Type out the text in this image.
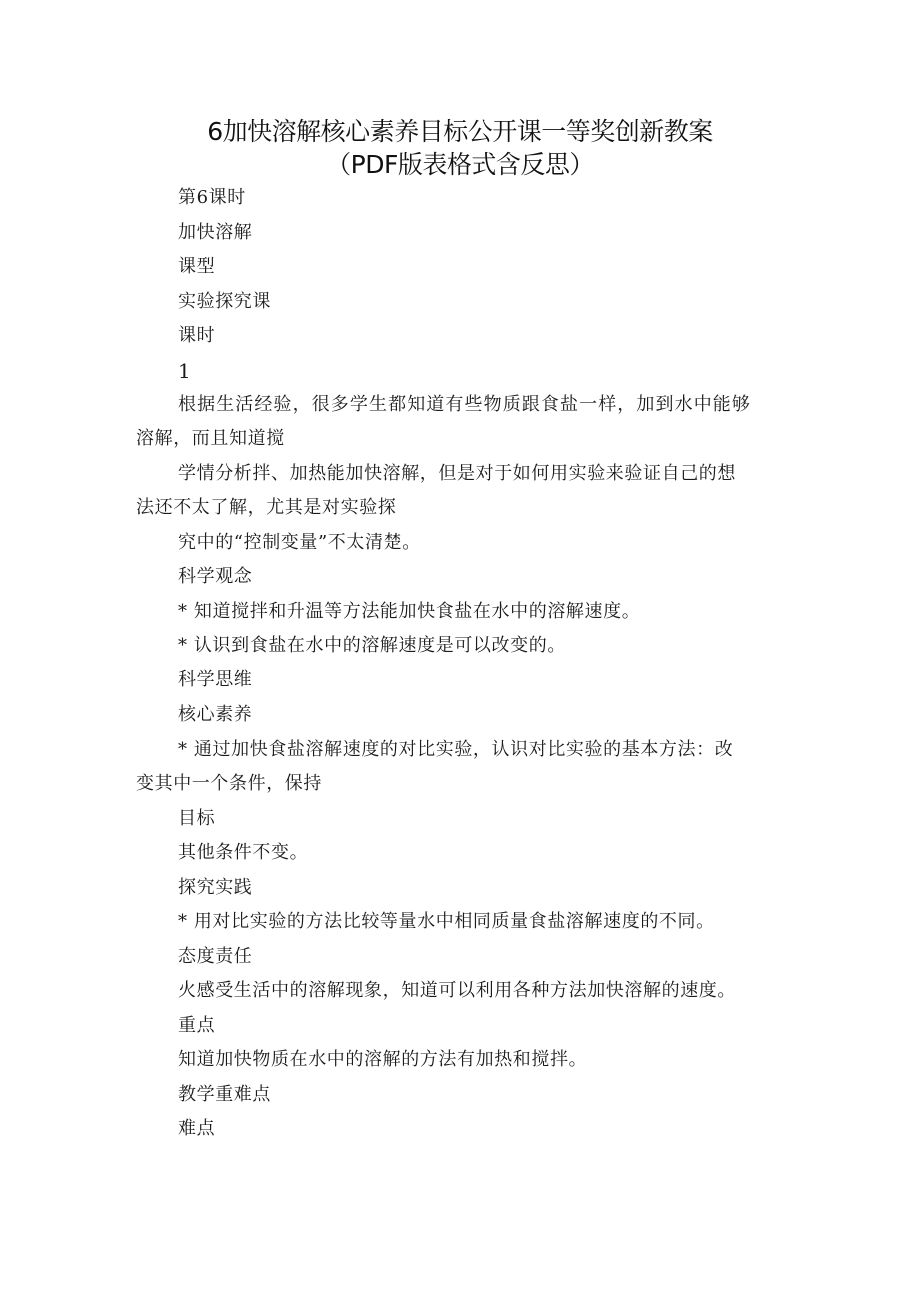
6加快溶解核心素养目标公开课一等奖创新教案
（PDF版表格式含反思）
第6课时
加快溶解
课型
实验探究课
课时
1
根据生活经验，很多学生都知道有些物质跟食盐一样，加到水中能够
溶解，而且知道搅
学情分析拌、加热能加快溶解，但是对于如何用实验来验证自己的想
法还不太了解，尤其是对实验探
究中的“控制变量”不太清楚。
科学观念
* 知道搅拌和升温等方法能加快食盐在水中的溶解速度。
* 认识到食盐在水中的溶解速度是可以改变的。
科学思维
核心素养
* 通过加快食盐溶解速度的对比实验，认识对比实验的基本方法：改
变其中一个条件，保持
目标
其他条件不变。
探究实践
* 用对比实验的方法比较等量水中相同质量食盐溶解速度的不同。
态度责任
火感受生活中的溶解现象，知道可以利用各种方法加快溶解的速度。
重点
知道加快物质在水中的溶解的方法有加热和搅拌。
教学重难点
难点
